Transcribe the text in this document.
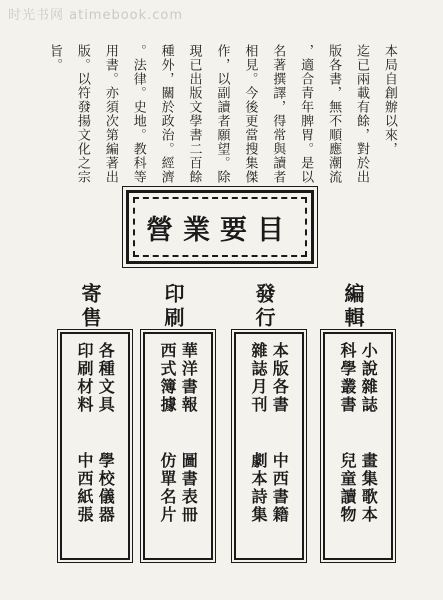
时光书网 atimebook.com
本局自創辦以來，
迄已兩載有餘，對於出
版各書，無不順應潮流
，適合青年脾胃。是以
名著撰譯，得常與讀者
相見。今後更當搜集傑
作，以副讀者願望。除
現已出版文學書二百餘
種外，關於政治。經濟
。法律。史地。教科等
用書。亦須次第編著出
版。以符發揚文化之宗
旨。
目要業營
編輯
小說雜誌
科學叢書
畫集歌本
兒童讀物
發行
本版各書
雜誌月刊
中西書籍
劇本詩集
印刷
華洋書報
西式簿據
圖書表冊
仿單名片
寄售
各種文具
印刷材料
學校儀器
中西紙張
